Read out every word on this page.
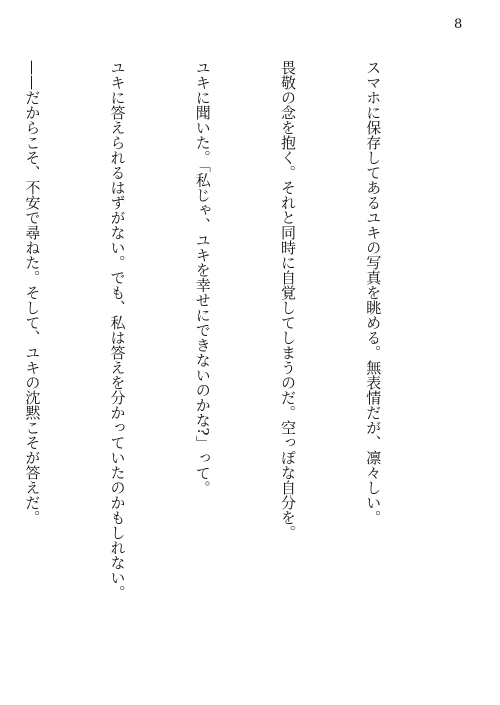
8

スマホに保存してあるユキの写真を眺める。無表情だが、凛々しい。

畏敬の念を抱く。それと同時に自覚してしまうのだ。空っぽな自分を。

ユキに聞いた。「私じゃ、ユキを幸せにできないのかな?」って。

ユキに答えられるはずがない。でも、私は答えを分かっていたのかもしれない。

——だからこそ、不安で尋ねた。そして、ユキの沈黙こそが答えだ。
